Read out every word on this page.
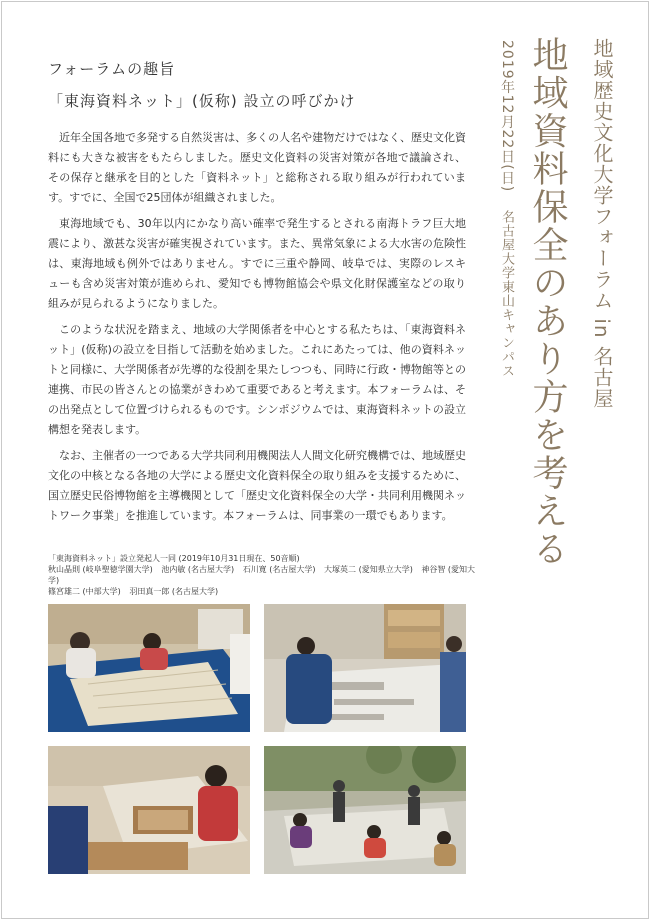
フォーラムの趣旨
「東海資料ネット」(仮称) 設立の呼びかけ

近年全国各地で多発する自然災害は、多くの人名や建物だけではなく、歴史文化資料にも大きな被害をもたらしました。歴史文化資料の災害対策が各地で議論され、その保存と継承を目的とした「資料ネット」と総称される取り組みが行われています。すでに、全国で25団体が組織されました。

東海地域でも、30年以内にかなり高い確率で発生するとされる南海トラフ巨大地震により、激甚な災害が確実視されています。また、異常気象による大水害の危険性は、東海地域も例外ではありません。すでに三重や静岡、岐阜では、実際のレスキューも含め災害対策が進められ、愛知でも博物館協会や県文化財保護室などの取り組みが見られるようになりました。

このような状況を踏まえ、地域の大学関係者を中心とする私たちは、「東海資料ネット」(仮称)の設立を目指して活動を始めました。これにあたっては、他の資料ネットと同様に、大学関係者が先導的な役割を果たしつつも、同時に行政・博物館等との連携、市民の皆さんとの協業がきわめて重要であると考えます。本フォーラムは、その出発点として位置づけられるものです。シンポジウムでは、東海資料ネットの設立構想を発表します。

なお、主催者の一つである大学共同利用機関法人人間文化研究機構では、地域歴史文化の中核となる各地の大学による歴史文化資料保全の取り組みを支援するために、国立歴史民俗博物館を主導機関として「歴史文化資料保全の大学・共同利用機関ネットワーク事業」を推進しています。本フォーラムは、同事業の一環でもあります。

地域歴史文化大学フォーラム in 名古屋
地域資料保全のあり方を考える
2019年12月22日(日)
名古屋大学東山キャンパス
「東海資料ネット」設立発起人一同 (2019年10月31日現在、50音順)
秋山晶則 (岐阜聖徳学園大学) 池内敏 (名古屋大学) 石川寛 (名古屋大学) 大塚英二 (愛知県立大学) 神谷智 (愛知大学)
篠宮雄二 (中部大学) 羽田真一郎 (名古屋大学)
